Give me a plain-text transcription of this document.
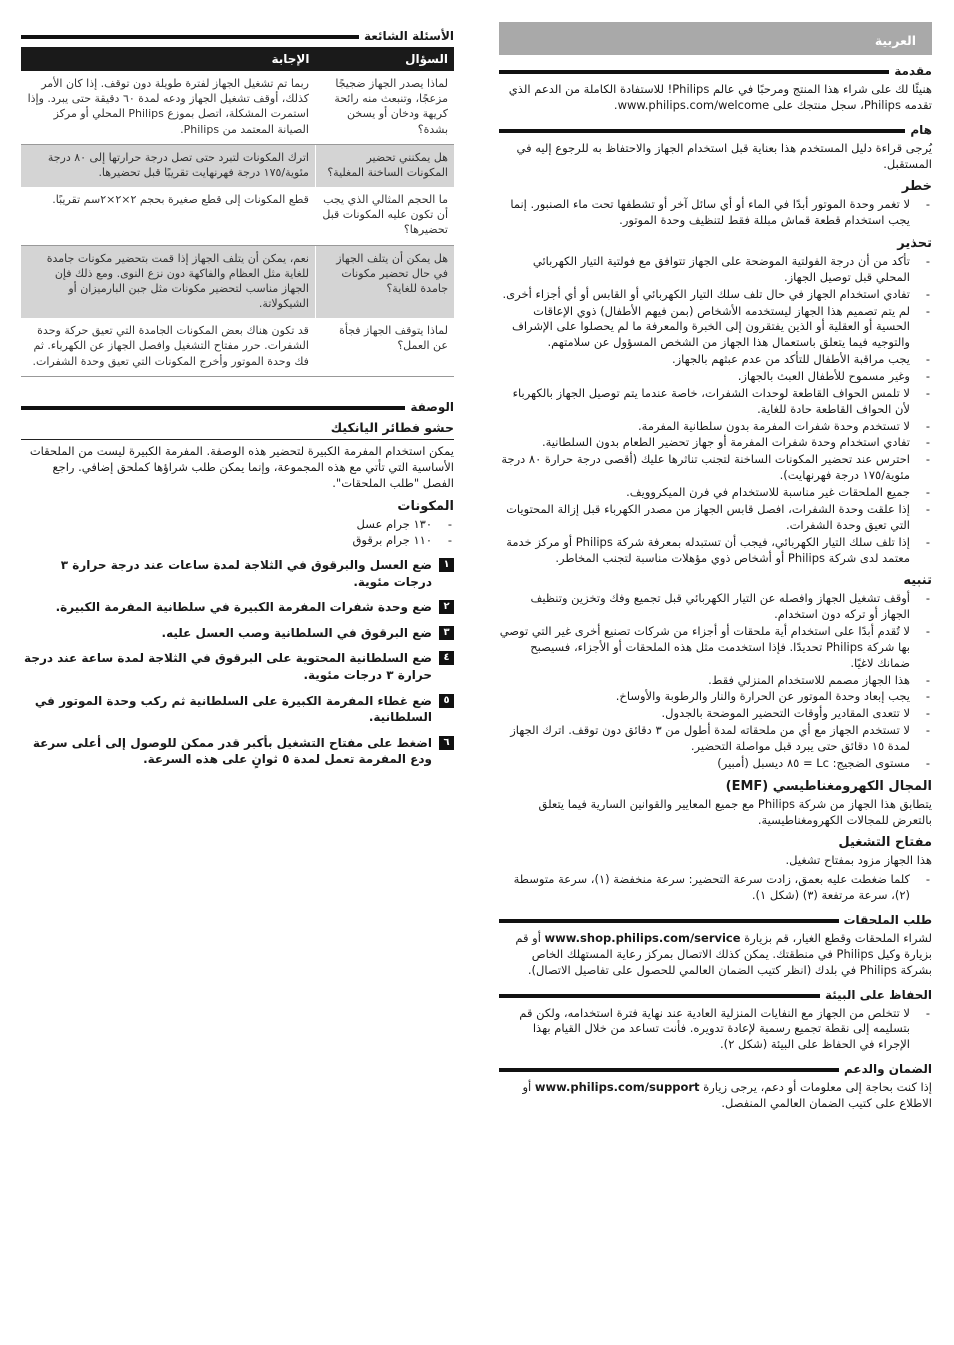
العربية
مقدمة

هنيئًا لك على شراء هذا المنتج ومرحبًا في عالم Philips! للاستفادة الكاملة من الدعم الذي تقدمه Philips، سجل منتجك على www.philips.com/welcome.

هام

يُرجى قراءة دليل المستخدم هذا بعناية قبل استخدام الجهاز والاحتفاظ به للرجوع إليه في المستقبل.

خطر
- لا تغمر وحدة الموتور أبدًا في الماء أو أي سائل آخر أو تشطفها تحت ماء الصنبور. إنما يجب استخدام قطعة قماش مبللة فقط لتنظيف وحدة الموتور.
تحذير
- تأكد من أن درجة الفولتية الموضحة على الجهاز تتوافق مع فولتية التيار الكهربائي المحلي قبل توصيل الجهاز.
- تفادي استخدام الجهاز في حال تلف سلك التيار الكهربائي أو القابس أو أي أجزاء أخرى.
- لم يتم تصميم هذا الجهاز ليستخدمه الأشخاص (بمن فيهم الأطفال) ذوي الإعاقات الحسية أو العقلية أو الذين يفتقرون إلى الخبرة والمعرفة ما لم يحصلوا على الإشراف والتوجيه فيما يتعلق باستعمال هذا الجهاز من الشخص المسؤول عن سلامتهم.
- يجب مراقبة الأطفال للتأكد من عدم عبثهم بالجهاز.
- وغير مسموح للأطفال العبث بالجهاز.
- لا تلمس الحواف القاطعة لوحدات الشفرات، خاصة عندما يتم توصيل الجهاز بالكهرباء لأن الحواف القاطعة حادة للغاية.
- لا تستخدم وحدة شفرات المفرمة بدون سلطانية المفرمة.
- تفادي استخدام وحدة شفرات المفرمة أو جهاز تحضير الطعام بدون السلطانية.
- احترس عند تحضير المكونات الساخنة لتجنب تناثرها عليك (أقصى درجة حرارة ٨٠ درجة مئوية/١٧٥ درجة فهرنهايت).
- جميع الملحقات غير مناسبة للاستخدام في فرن الميكروويف.
- إذا علقت وحدة الشفرات، افصل قابس الجهاز من مصدر الكهرباء قبل إزالة المحتويات التي تعيق وحدة الشفرات.
- إذا تلف سلك التيار الكهربائي، فيجب أن تستبدله بمعرفة شركة Philips أو مركز خدمة معتمد لدى شركة Philips أو أشخاص ذوي مؤهلات مناسبة لتجنب المخاطر.
تنبيه
- أوقف تشغيل الجهاز وافصله عن التيار الكهربائي قبل تجميع وفك وتخزين وتنظيف الجهاز أو تركه دون استخدام.
- لا تُقدم أبدًا على استخدام أية ملحقات أو أجزاء من شركات تصنيع أخرى غير التي توصي بها شركة Philips تحديدًا. فإذا استخدمت مثل هذه الملحقات أو الأجزاء، فسيصبح ضمانك لاغيًا.
- هذا الجهاز مصمم للاستخدام المنزلي فقط.
- يجب إبعاد وحدة الموتور عن الحرارة والنار والرطوبة والأوساخ.
- لا تتعدى المقادير وأوقات التحضير الموضحة بالجدول.
- لا تستخدم الجهاز مع أي من ملحقاته لمدة أطول من ٣ دقائق دون توقف. اترك الجهاز لمدة ١٥ دقائق حتى يبرد قبل مواصلة التحضير.
- مستوى الضجيج: Lc = ٨٥ ديسبل (أمبير)
المجال الكهرومغناطيسي (EMF)

يتطابق هذا الجهاز من شركة Philips مع جميع المعايير والقوانين السارية فيما يتعلق بالتعرض للمجالات الكهرومغناطيسية.

مفتاح التشغيل

هذا الجهاز مزود بمفتاح تشغيل.

- كلما ضغطت عليه بعمق، زادت سرعة التحضير: سرعة منخفضة (١)، سرعة متوسطة (٢)، سرعة مرتفعة (٣) (شكل ١).
طلب الملحقات

لشراء الملحقات وقطع الغيار، قم بزيارة www.shop.philips.com/service أو قم بزيارة وكيل Philips في منطقتك. يمكن كذلك الاتصال بمركز رعاية المستهلك الخاص بشركة Philips في بلدك (انظر كتيب الضمان العالمي للحصول على تفاصيل الاتصال).

الحفاظ على البيئة
- لا تتخلص من الجهاز مع النفايات المنزلية العادية عند نهاية فترة استخدامه، ولكن قم بتسليمه إلى نقطة تجميع رسمية لإعادة تدويره. فأنت تساعد من خلال القيام بهذا الإجراء في الحفاظ على البيئة (شكل ٢).
الضمان والدعم

إذا كنت بحاجة إلى معلومات أو دعم، يرجى زيارة www.philips.com/support أو الاطلاع على كتيب الضمان العالمي المنفصل.

الأسئلة الشائعة
السؤال	الإجابة
لماذا يصدر الجهاز ضجيجًا مزعجًا، وتنبعث منه رائحة كريهة ودخان أو يسخن بشدة؟	ربما تم تشغيل الجهاز لفترة طويلة دون توقف. إذا كان الأمر كذلك، أوقف تشغيل الجهاز ودعه لمدة ٦٠ دقيقة حتى يبرد. وإذا استمرت المشكلة، اتصل بموزع Philips المحلي أو مركز الصيانة المعتمد من Philips.
هل يمكنني تحضير المكونات الساخنة المغلية؟	اترك المكونات لتبرد حتى تصل درجة حرارتها إلى ٨٠ درجة مئوية/١٧٥ درجة فهرنهايت تقريبًا قبل تحضيرها.
ما الحجم المثالي الذي يجب أن تكون عليه المكونات قبل تحضيرها؟	قطع المكونات إلى قطع صغيرة بحجم ٢×٢×٢سم تقريبًا.
هل يمكن أن يتلف الجهاز في حال تحضير مكونات جامدة للغاية؟	نعم، يمكن أن يتلف الجهاز إذا قمت بتحضير مكونات جامدة للغاية مثل العظام والفاكهة دون نزع النوى. ومع ذلك فإن الجهاز مناسب لتحضير مكونات مثل جبن البارميزان أو الشيكولاتة.
لماذا يتوقف الجهاز فجأة عن العمل؟	قد تكون هناك بعض المكونات الجامدة التي تعيق حركة وحدة الشفرات. حرر مفتاح التشغيل وافصل الجهاز عن الكهرباء. ثم فك وحدة الموتور وأخرج المكونات التي تعيق وحدة الشفرات.
الوصفة
حشو فطائر اليانكيك

يمكن استخدام المفرمة الكبيرة لتحضير هذه الوصفة. المفرمة الكبيرة ليست من الملحقات الأساسية التي تأتي مع هذه المجموعة، وإنما يمكن طلب شراؤها كملحق إضافي. راجع الفصل "طلب الملحقات".

المكونات
- ١٣٠ جرام عسل
- ١١٠ جرام برقوق
١
ضع العسل والبرقوق في الثلاجة لمدة ساعات عند درجة حرارة ٣ درجات مئوية.
٢
ضع وحدة شفرات المفرمة الكبيرة في سلطانية المفرمة الكبيرة.
٣
ضع البرقوق في السلطانية وصب العسل عليه.
٤
ضع السلطانية المحتوية على البرقوق في الثلاجة لمدة ساعة عند درجة حرارة ٣ درجات مئوية.
٥
ضع غطاء المفرمة الكبيرة على السلطانية ثم ركب وحدة الموتور في السلطانية.
٦
اضغط على مفتاح التشغيل بأكبر قدر ممكن للوصول إلى أعلى سرعة ودع المفرمة تعمل لمدة ٥ ثوانٍ على هذه السرعة.
